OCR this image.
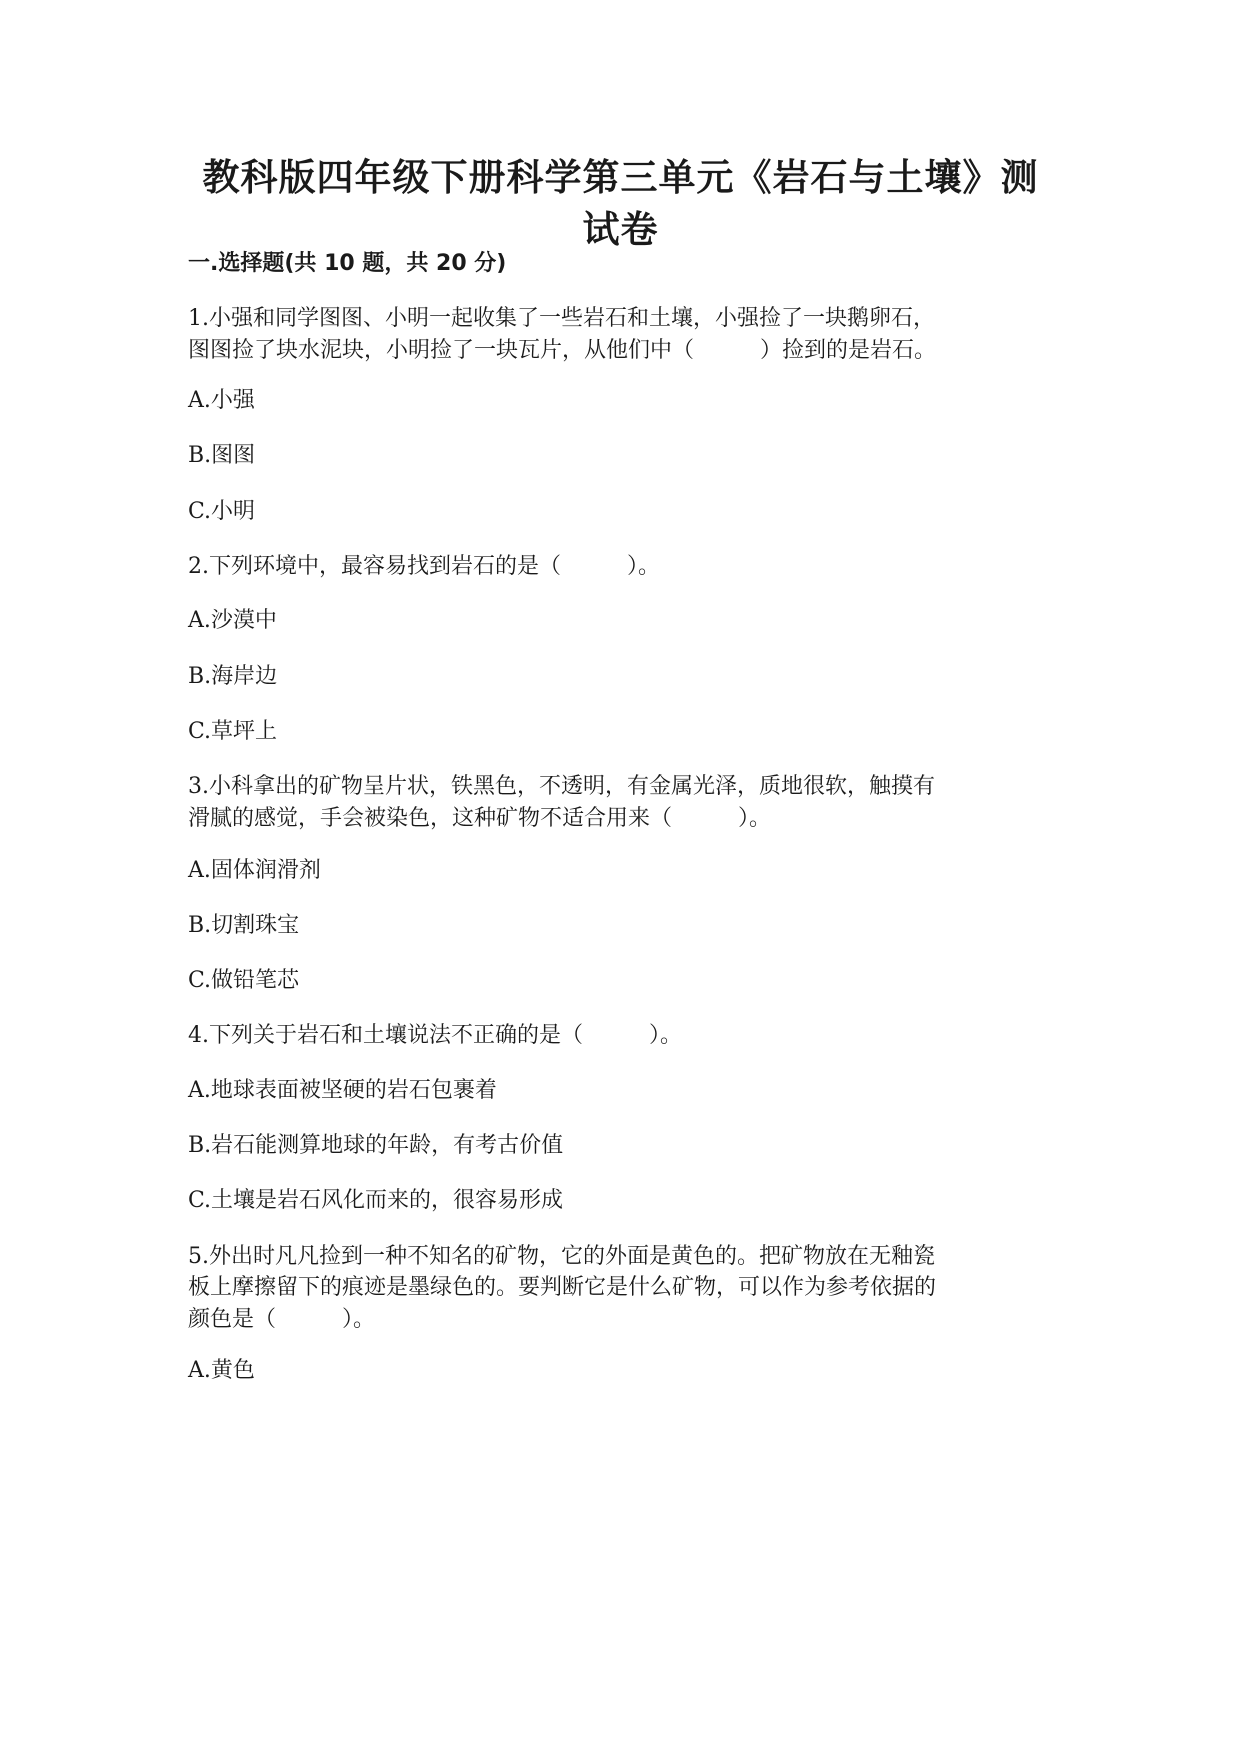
教科版四年级下册科学第三单元《岩石与土壤》测
试卷
一.选择题(共 10 题，共 20 分)

1.小强和同学图图、小明一起收集了一些岩石和土壤，小强捡了一块鹅卵石，

图图捡了块水泥块，小明捡了一块瓦片，从他们中（　　　）捡到的是岩石。

A.小强

B.图图

C.小明

2.下列环境中，最容易找到岩石的是（　　　）。

A.沙漠中

B.海岸边

C.草坪上

3.小科拿出的矿物呈片状，铁黑色，不透明，有金属光泽，质地很软，触摸有

滑腻的感觉，手会被染色，这种矿物不适合用来（　　　）。

A.固体润滑剂

B.切割珠宝

C.做铅笔芯

4.下列关于岩石和土壤说法不正确的是（　　　）。

A.地球表面被坚硬的岩石包裹着

B.岩石能测算地球的年龄，有考古价值

C.土壤是岩石风化而来的，很容易形成

5.外出时凡凡捡到一种不知名的矿物，它的外面是黄色的。把矿物放在无釉瓷

板上摩擦留下的痕迹是墨绿色的。要判断它是什么矿物，可以作为参考依据的

颜色是（　　　）。

A.黄色
